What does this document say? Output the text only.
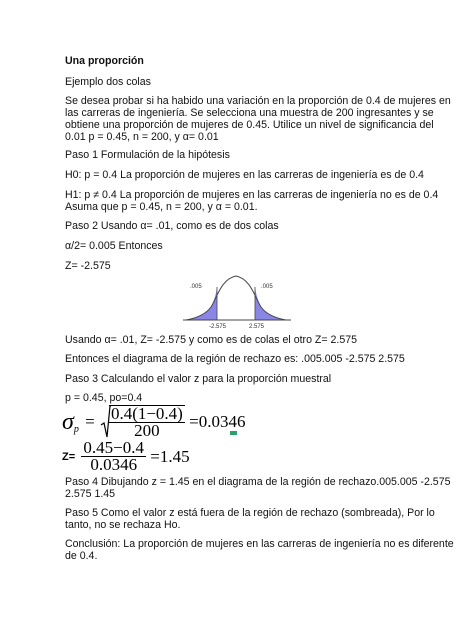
Una proporción
Ejemplo dos colas
Se desea probar si ha habido una variación en la proporción de 0.4 de mujeres en
las carreras de ingeniería. Se selecciona una muestra de 200 ingresantes y se
obtiene una proporción de mujeres de 0.45. Utilice un nivel de significancia del
0.01 p = 0.45, n = 200, y α= 0.01
Paso 1 Formulación de la hipótesis
H0: p = 0.4 La proporción de mujeres en las carreras de ingeniería es de 0.4
H1: p ≠ 0.4 La proporción de mujeres en las carreras de ingeniería no es de 0.4
Asuma que p = 0.45, n = 200, y α = 0.01.
Paso 2 Usando α= .01, como es de dos colas
α/2= 0.005 Entonces
Z= -2.575
.005	.005
-2.575	2.575
Usando α= .01, Z= -2.575 y como es de colas el otro Z= 2.575
Entonces el diagrama de la región de rechazo es: .005.005 -2.575 2.575
Paso 3 Calculando el valor z para la proporción muestral
p = 0.45, po=0.4
$\sigma p = \frac{0.4(1-0.4)}{200} =0.0346$
$Z= \frac{0.45-0.4}{0.0346} =1.45$
Paso 4 Dibujando z = 1.45 en el diagrama de la región de rechazo.005.005 -2.575
2.575 1.45
Paso 5 Como el valor z está fuera de la región de rechazo (sombreada), Por lo
tanto, no se rechaza Ho.
Conclusión: La proporción de mujeres en las carreras de ingeniería no es diferente
de 0.4.
